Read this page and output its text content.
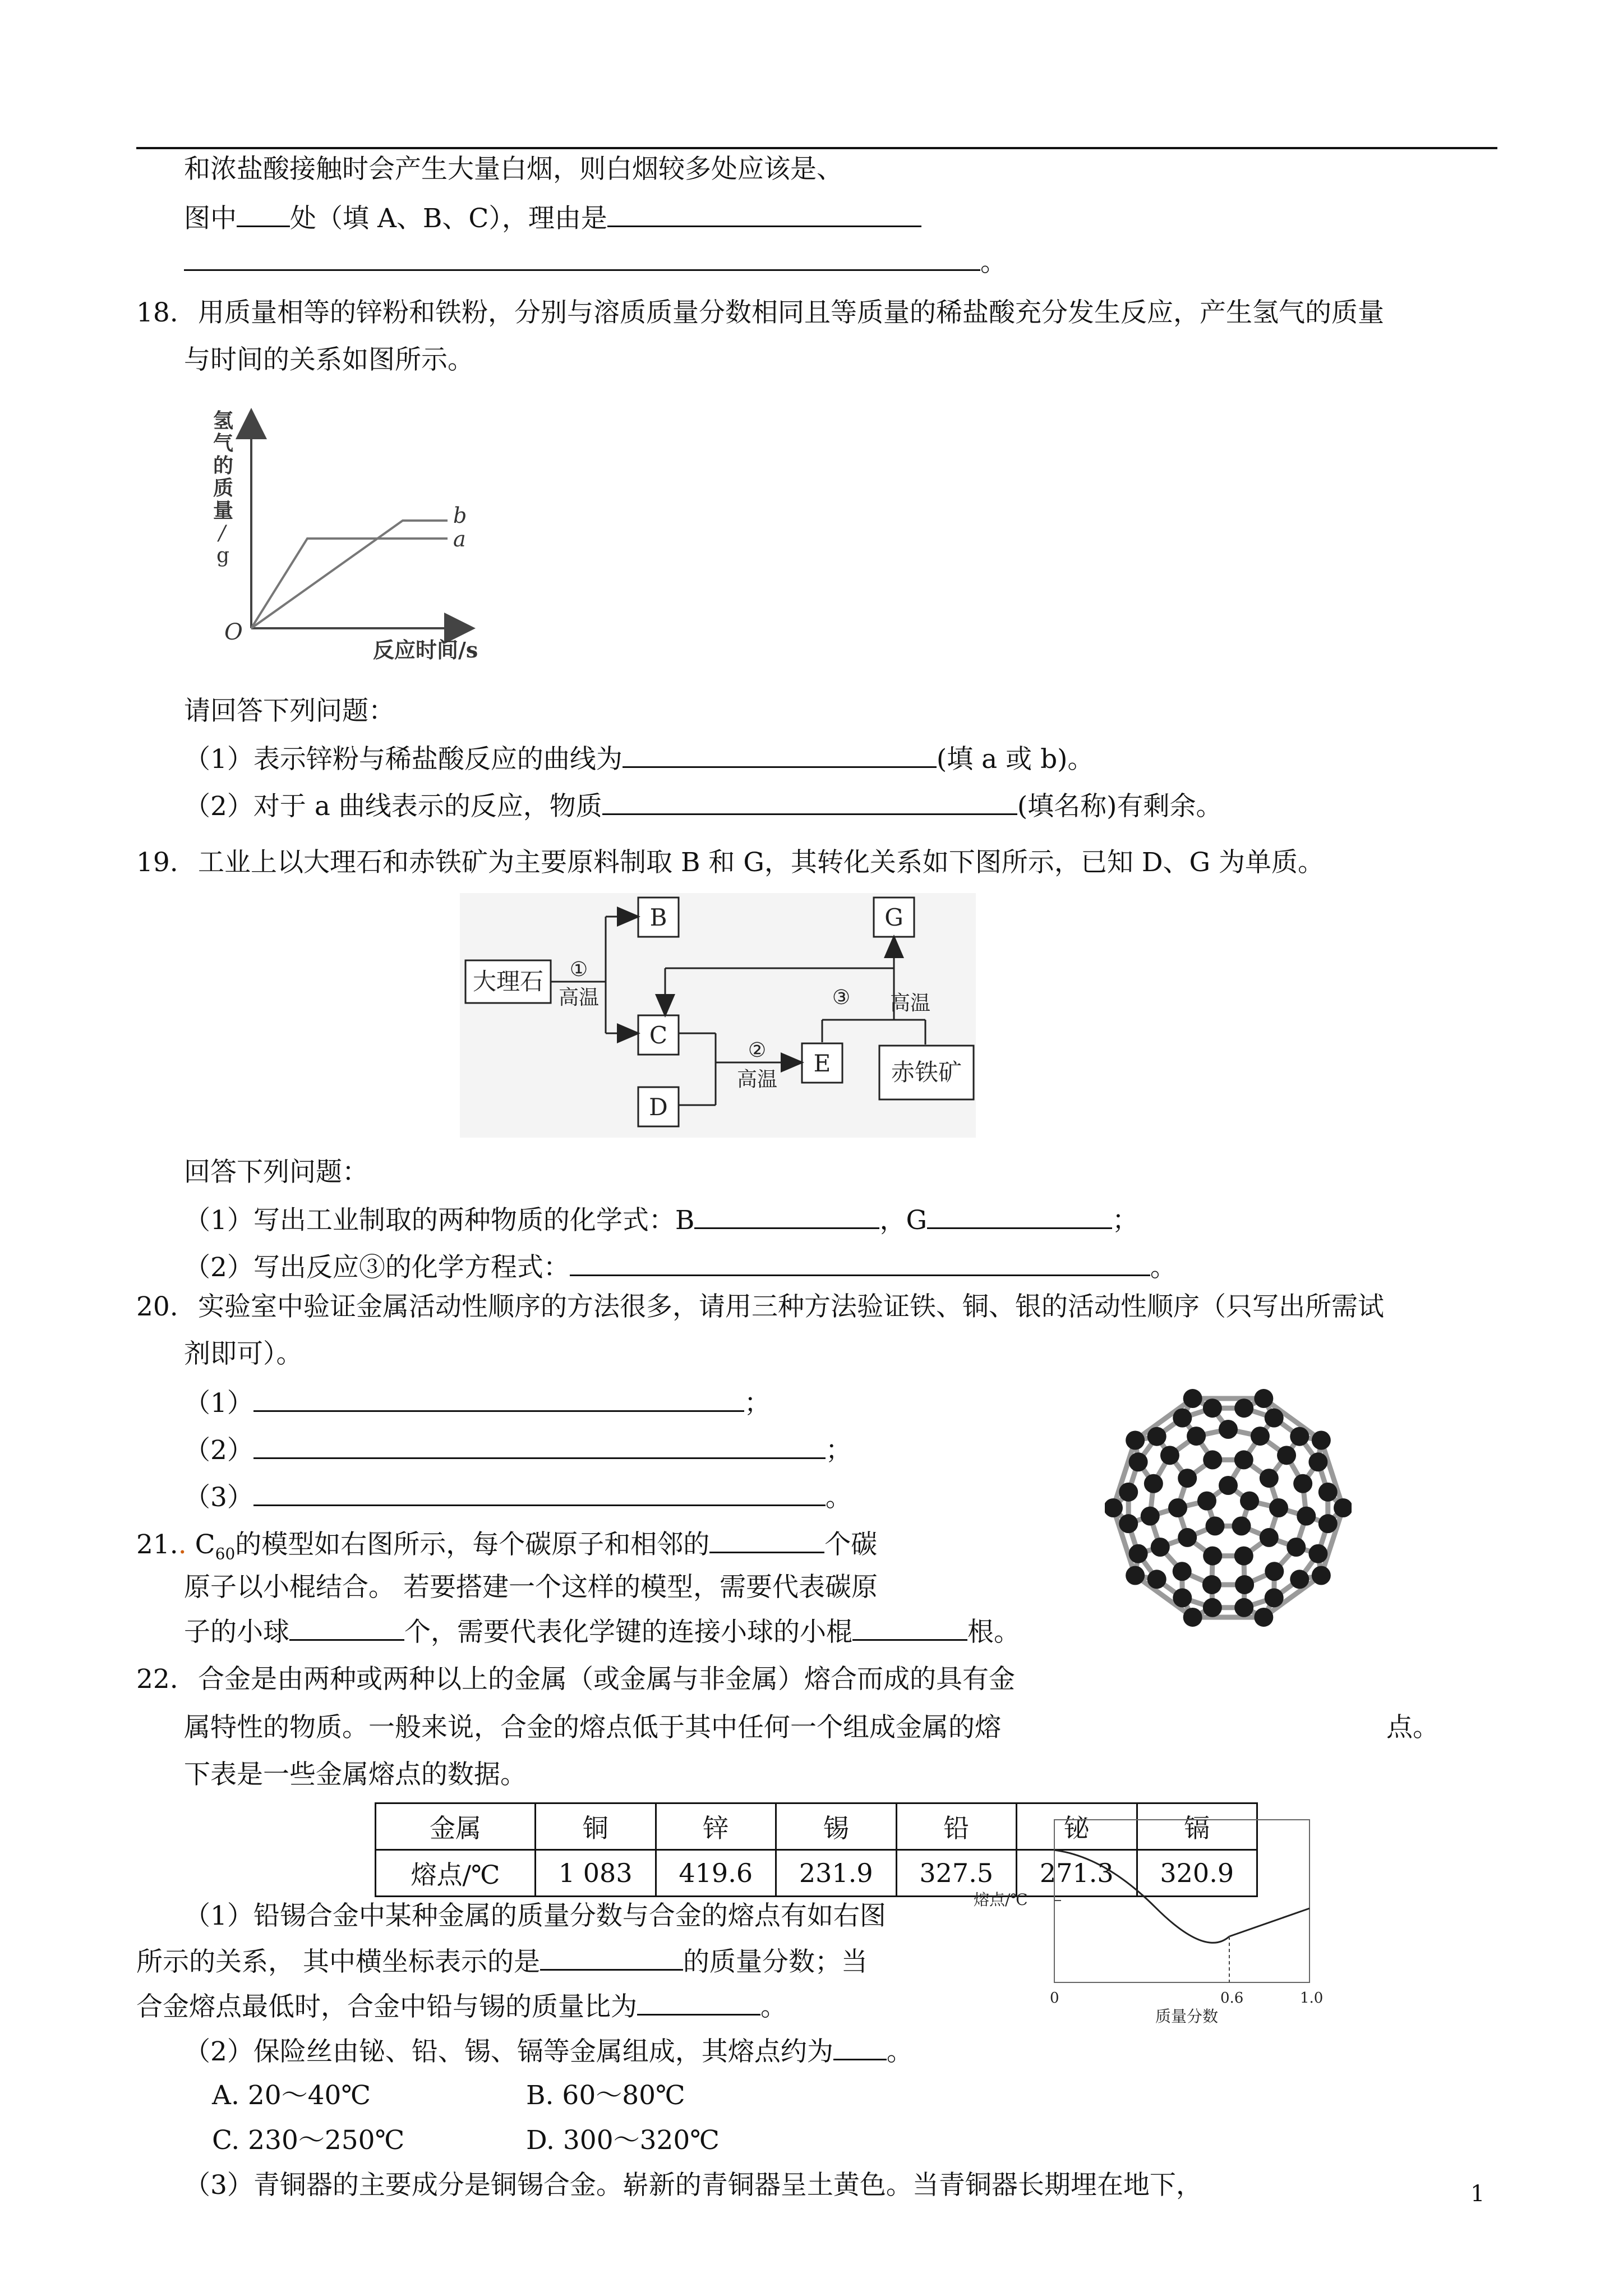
和浓盐酸接触时会产生大量白烟，则白烟较多处应该是、
图中 处（填 A、B、C），理由是
。
18. 用质量相等的锌粉和铁粉，分别与溶质质量分数相同且等质量的稀盐酸充分发生反应，产生氢气的质量
与时间的关系如图所示。
氢
气
的
质
量
/
g
O
反应时间/s
b
a
请回答下列问题：
（1）表示锌粉与稀盐酸反应的曲线为	(填 a 或 b)。
（2）对于 a 曲线表示的反应，物质	(填名称)有剩余。
19. 工业上以大理石和赤铁矿为主要原料制取 B 和 G，其转化关系如下图所示，已知 D、G 为单质。
大理石
B
C
D
E
G
赤铁矿
①
高温
②
高温
③ 高温
回答下列问题：
（1）写出工业制取的两种物质的化学式：B	，G	；
（2）写出反应③的化学方程式：	。
20. 实验室中验证金属活动性顺序的方法很多，请用三种方法验证铁、铜、银的活动性顺序（只写出所需试
剂即可）。
（1）	；
（2）	；
（3）	。
21.. $C_{60}$的模型如右图所示，每个碳原子和相邻的	个碳
原子以小棍结合。 若要搭建一个这样的模型，需要代表碳原
子的小球	个，需要代表化学键的连接小球的小棍	根。
22. 合金是由两种或两种以上的金属（或金属与非金属）熔合而成的具有金
属特性的物质。一般来说，合金的熔点低于其中任何一个组成金属的熔	点。
下表是一些金属熔点的数据。
金属	铜	锌	锡	铅	铋	镉
熔点/℃	1 083	419.6	231.9	327.5	271.3	320.9
（1）铅锡合金中某种金属的质量分数与合金的熔点有如右图
所示的关系， 其中横坐标表示的是	的质量分数；当
合金熔点最低时，合金中铅与锡的质量比为	。
（2）保险丝由铋、铅、锡、镉等金属组成，其熔点约为 。
A. 20～40℃	B. 60～80℃
C. 230～250℃	D. 300～320℃
（3）青铜器的主要成分是铜锡合金。崭新的青铜器呈土黄色。当青铜器长期埋在地下，
熔点/℃
0	0.6	1.0
质量分数
1
